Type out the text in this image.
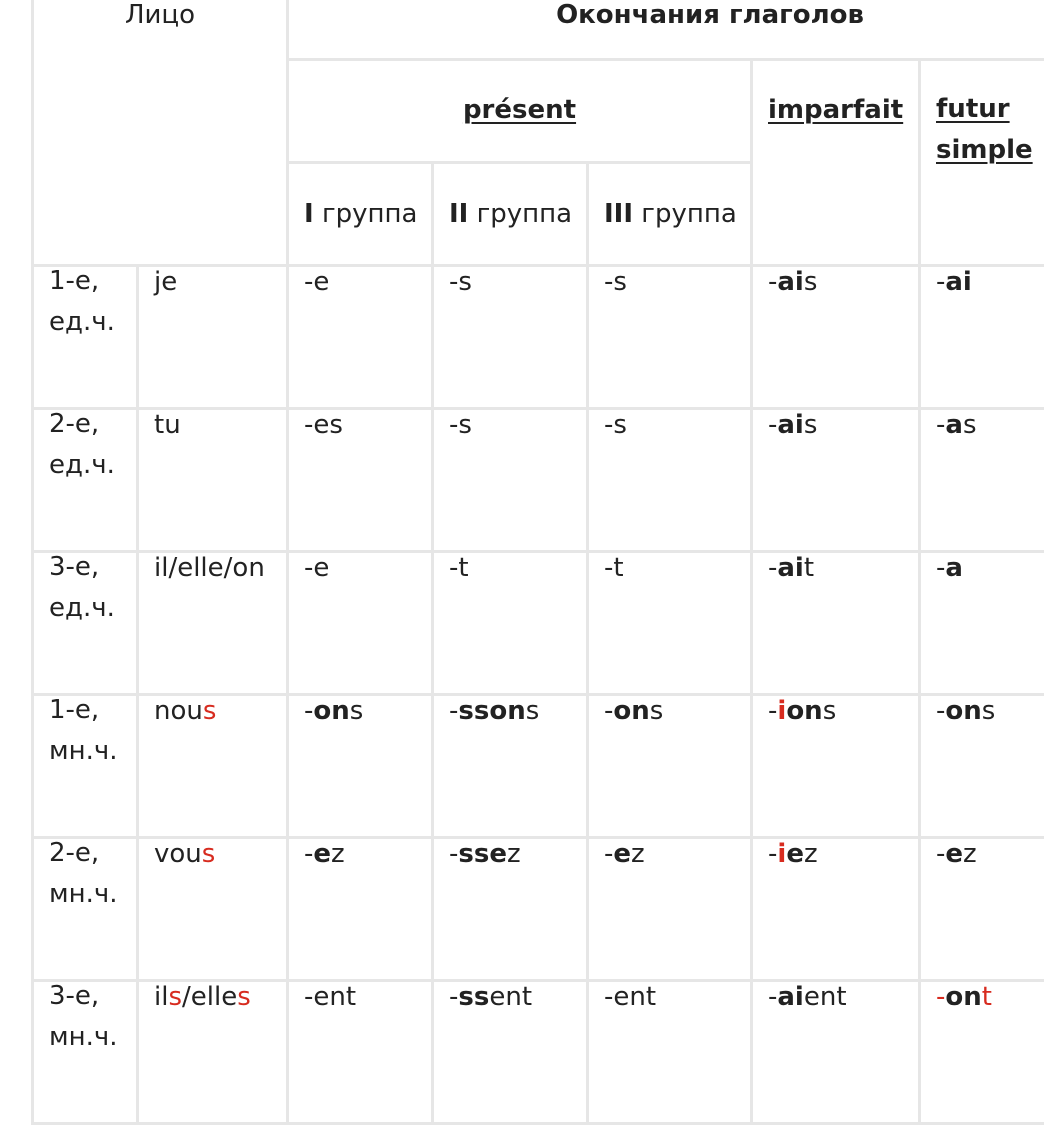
Лицо		Окончания глаголов				

		présent			imparfait	futur
simple

		I группа	II группа	III группа		

1-е,
ед.ч.	je	-e	-s	-s	-ais	-ai

2-е,
ед.ч.	tu	-es	-s	-s	-ais	-as

3-е,
ед.ч.	il/elle/on	-e	-t	-t	-ait	-a

1-е,
мн.ч.	nous	-ons	-ssons	-ons	-ions	-ons

2-е,
мн.ч.	vous	-ez	-ssez	-ez	-iez	-ez

3-е,
мн.ч.	ils/elles	-ent	-ssent	-ent	-aient	-ont
